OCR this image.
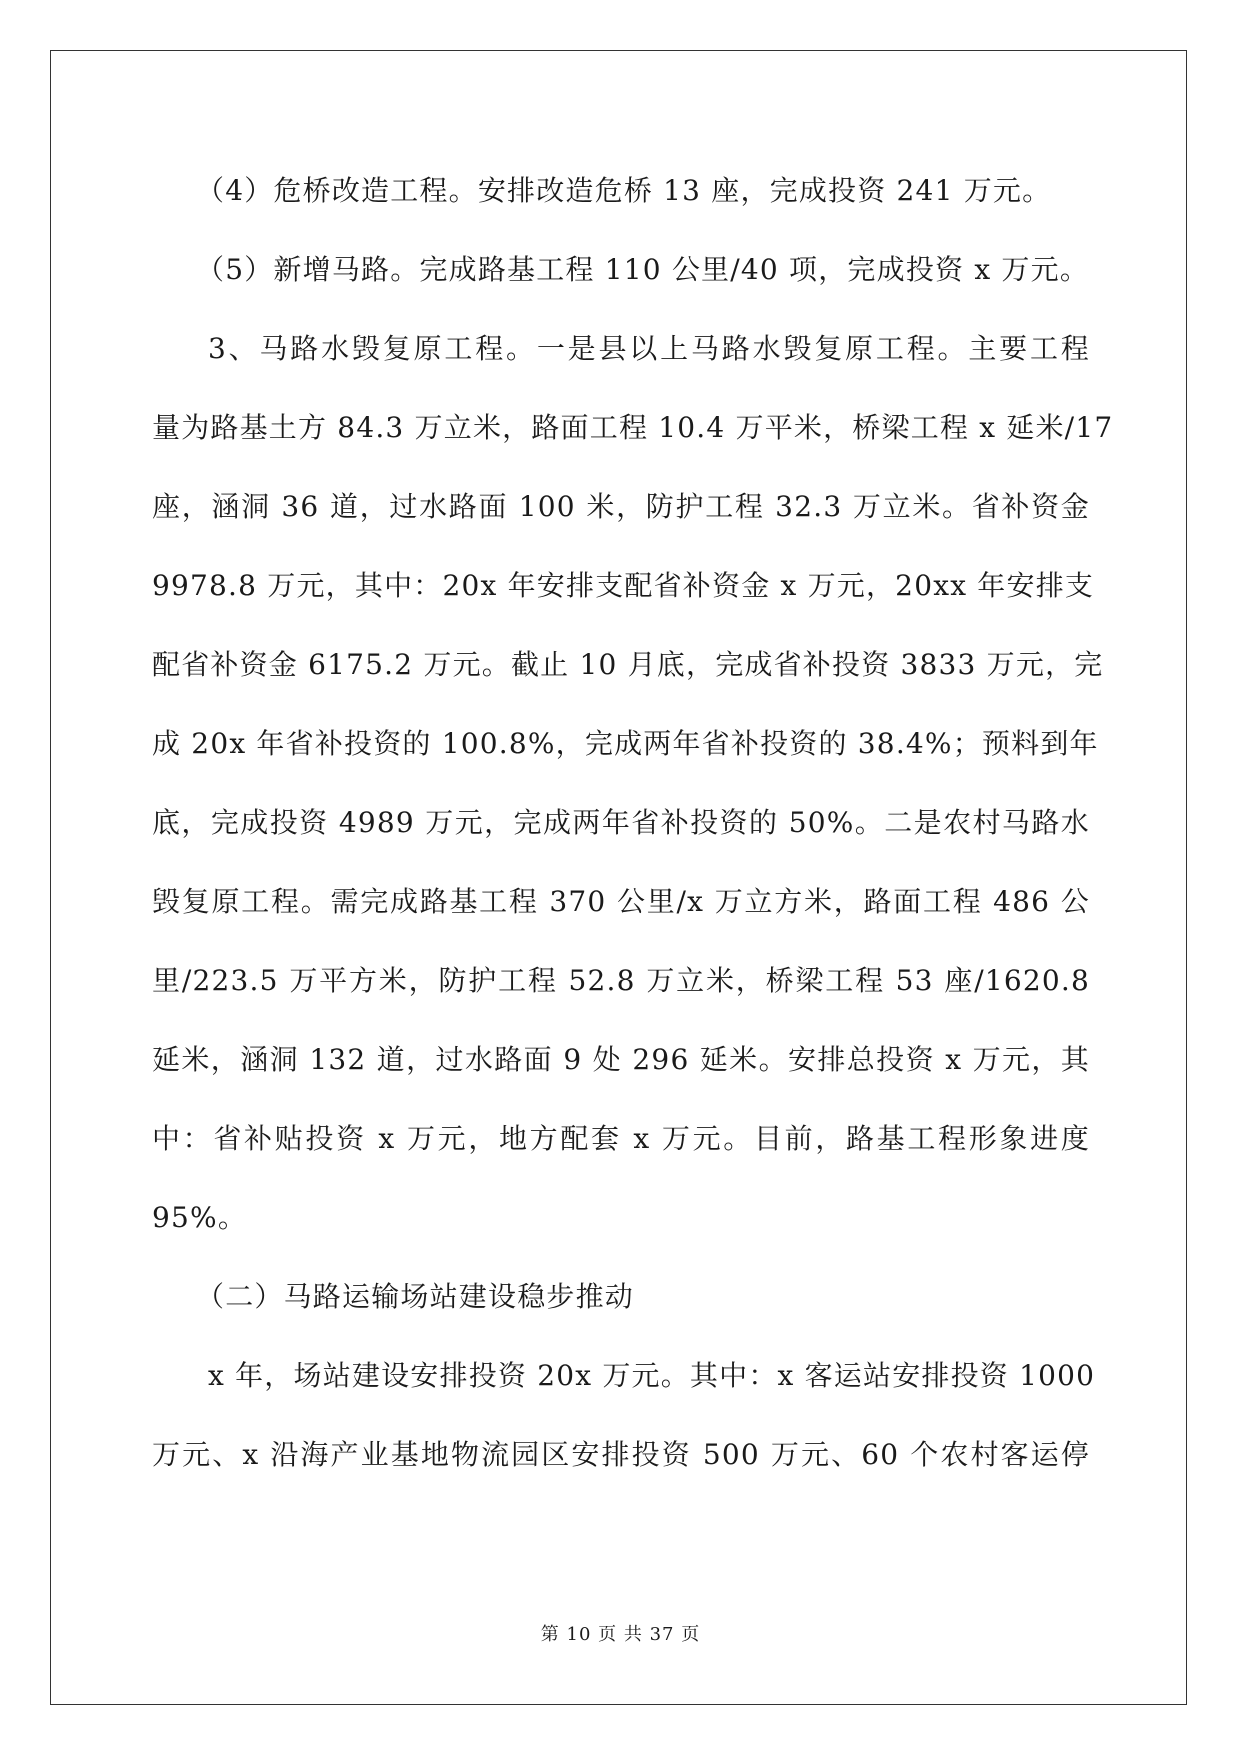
（4）危桥改造工程。安排改造危桥 13 座，完成投资 241 万元。
（5）新增马路。完成路基工程 110 公里/40 项，完成投资 x 万元。
3、马路水毁复原工程。一是县以上马路水毁复原工程。主要工程
量为路基土方 84.3 万立米，路面工程 10.4 万平米，桥梁工程 x 延米/17
座，涵洞 36 道，过水路面 100 米，防护工程 32.3 万立米。省补资金
9978.8 万元，其中：20x 年安排支配省补资金 x 万元，20xx 年安排支
配省补资金 6175.2 万元。截止 10 月底，完成省补投资 3833 万元，完
成 20x 年省补投资的 100.8%，完成两年省补投资的 38.4%；预料到年
底，完成投资 4989 万元，完成两年省补投资的 50%。二是农村马路水
毁复原工程。需完成路基工程 370 公里/x 万立方米，路面工程 486 公
里/223.5 万平方米，防护工程 52.8 万立米，桥梁工程 53 座/1620.8
延米，涵洞 132 道，过水路面 9 处 296 延米。安排总投资 x 万元，其
中：省补贴投资 x 万元，地方配套 x 万元。目前，路基工程形象进度
95%。
（二）马路运输场站建设稳步推动
x 年，场站建设安排投资 20x 万元。其中：x 客运站安排投资 1000
万元、x 沿海产业基地物流园区安排投资 500 万元、60 个农村客运停
第 10 页 共 37 页
